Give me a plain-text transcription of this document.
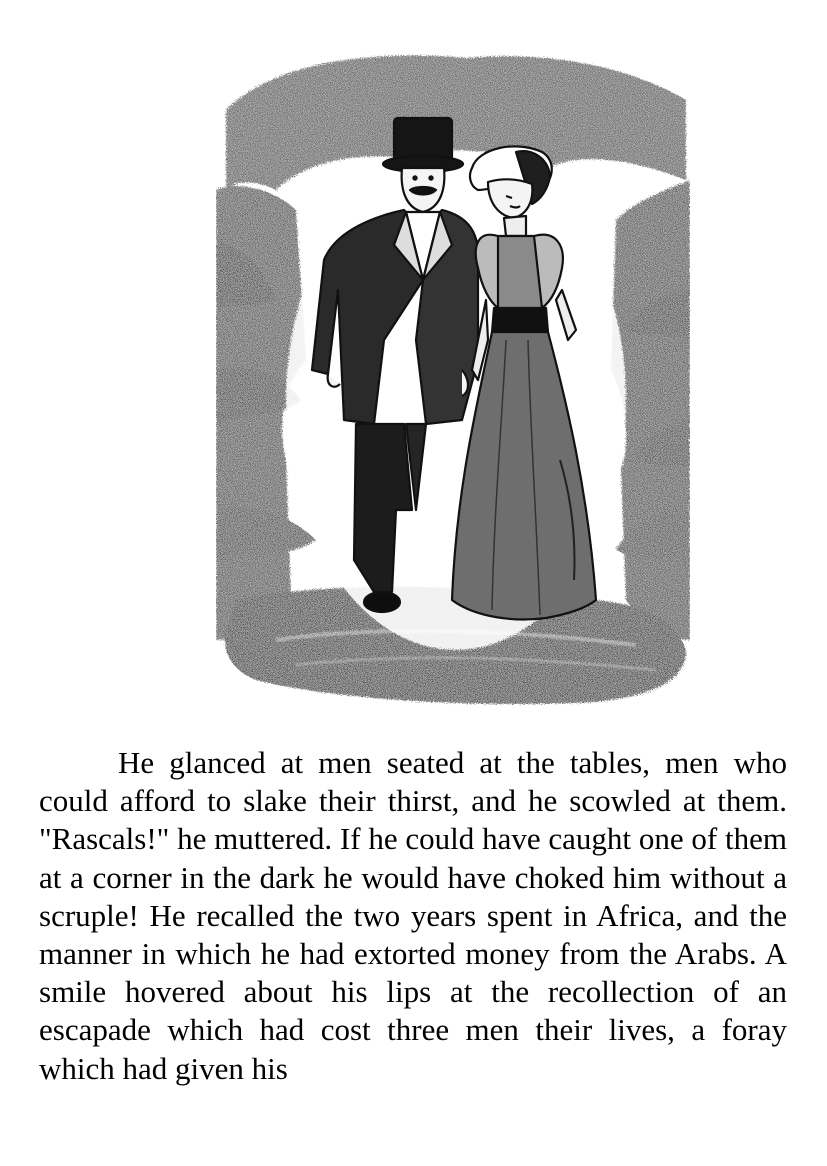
He glanced at men seated at the tables, men who could afford to slake their thirst, and he scowled at them. "Rascals!" he muttered. If he could have caught one of them at a corner in the dark he would have choked him without a scruple! He recalled the two years spent in Africa, and the manner in which he had extorted money from the Arabs. A smile hovered about his lips at the recollection of an escapade which had cost three men their lives, a foray which had given his
